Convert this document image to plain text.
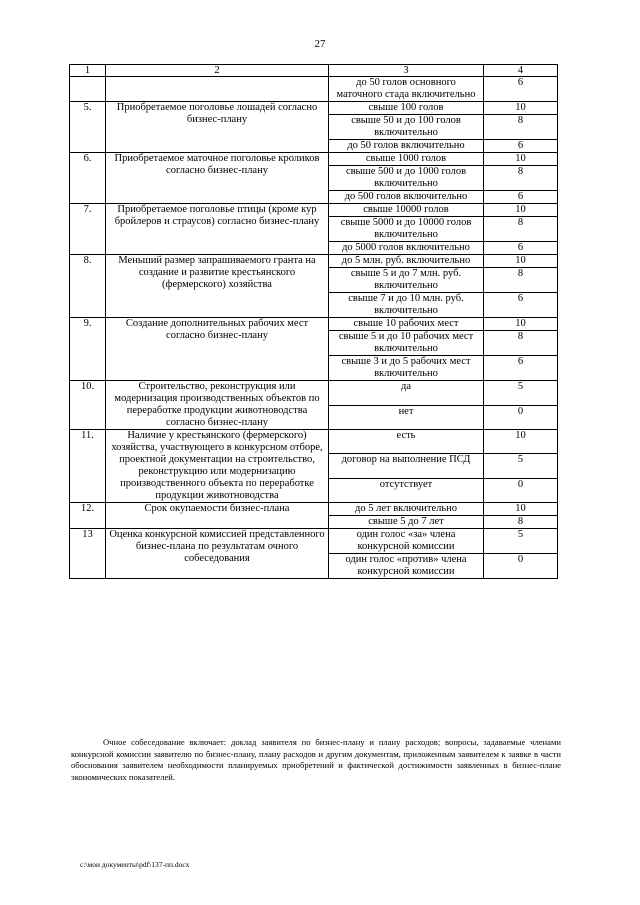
27
1	2	3	4
		до 50 голов основного маточного стада включительно	6
5.	Приобретаемое поголовье лошадей согласно бизнес-плану	свыше 100 голов	10
		свыше 50 и до 100 голов включительно	8
		до 50 голов включительно	6
6.	Приобретаемое маточное поголовье кроликов согласно бизнес-плану	свыше 1000 голов	10
		свыше 500 и до 1000 голов включительно	8
		до 500 голов включительно	6
7.	Приобретаемое поголовье птицы (кроме кур бройлеров и страусов) согласно бизнес-плану	свыше 10000 голов	10
		свыше 5000 и до 10000 голов включительно	8
		до 5000 голов включительно	6
8.	Меньший размер запрашиваемого гранта на создание и развитие крестьянского (фермерского) хозяйства	до 5 млн. руб. включительно	10
		свыше 5 и до 7 млн. руб. включительно	8
		свыше 7 и до 10 млн. руб. включительно	6
9.	Создание дополнительных рабочих мест согласно бизнес-плану	свыше 10 рабочих мест	10
		свыше 5 и до 10 рабочих мест включительно	8
		свыше 3 и до 5 рабочих мест включительно	6
10.	Строительство, реконструкция или модернизация производственных объектов по переработке продукции животноводства согласно бизнес-плану	да	5
		нет	0
11.	Наличие у крестьянского (фермерского) хозяйства, участвующего в конкурсном отборе, проектной документации на строительство, реконструкцию или модернизацию производственного объекта по переработке продукции животноводства	есть	10
		договор на выполнение ПСД	5
		отсутствует	0
12.	Срок окупаемости бизнес-плана	до 5 лет включительно	10
		свыше 5 до 7 лет	8
13	Оценка конкурсной комиссией представленного бизнес-плана по результатам очного собеседования	один голос «за» члена конкурсной комиссии	5
		один голос «против» члена конкурсной комиссии	0
Очное собеседование включает: доклад заявителя по бизнес-плану и плану расходов; вопросы, задаваемые членами конкурсной комиссии заявителю по бизнес-плану, плану расходов и другим документам, приложенным заявителем к заявке в части обоснования заявителем необходимости планируемых приобретений и фактической достижимости заявленных в бизнес-плане экономических показателей.
c:\мои документы\pdf\137-пп.docx
